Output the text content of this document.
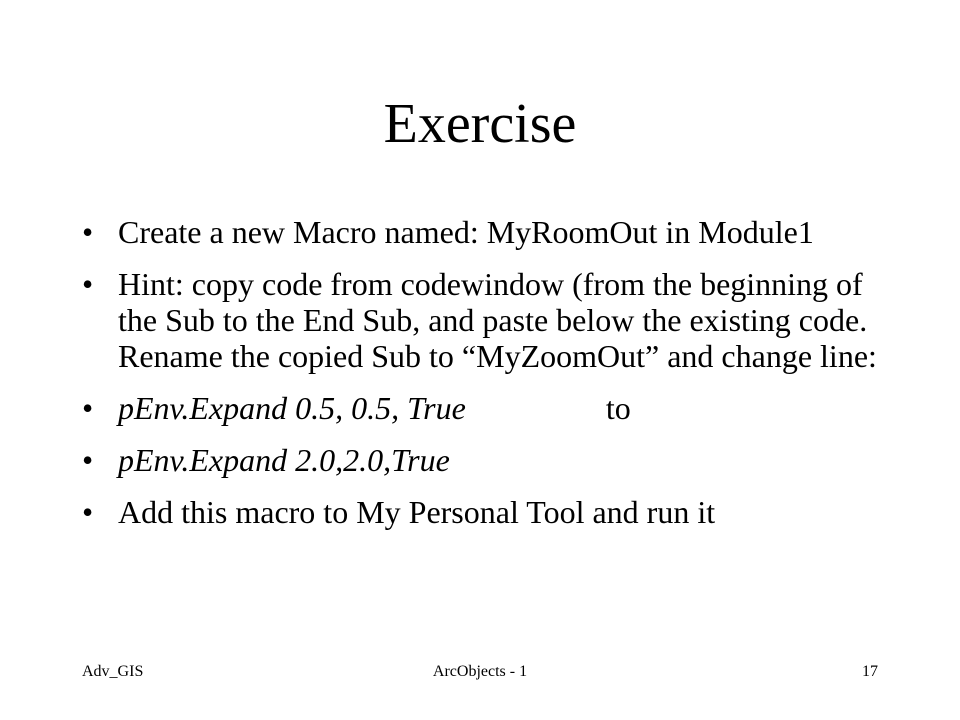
Exercise
• Create a new Macro named: MyRoomOut in Module1
• Hint: copy code from codewindow (from the beginning of the Sub to the End Sub, and paste below the existing code. Rename the copied Sub to “MyZoomOut” and change line:
• pEnv.Expand 0.5, 0.5, True	to
• pEnv.Expand 2.0,2.0,True
• Add this macro to My Personal Tool and run it
Adv_GIS	ArcObjects - 1	17
